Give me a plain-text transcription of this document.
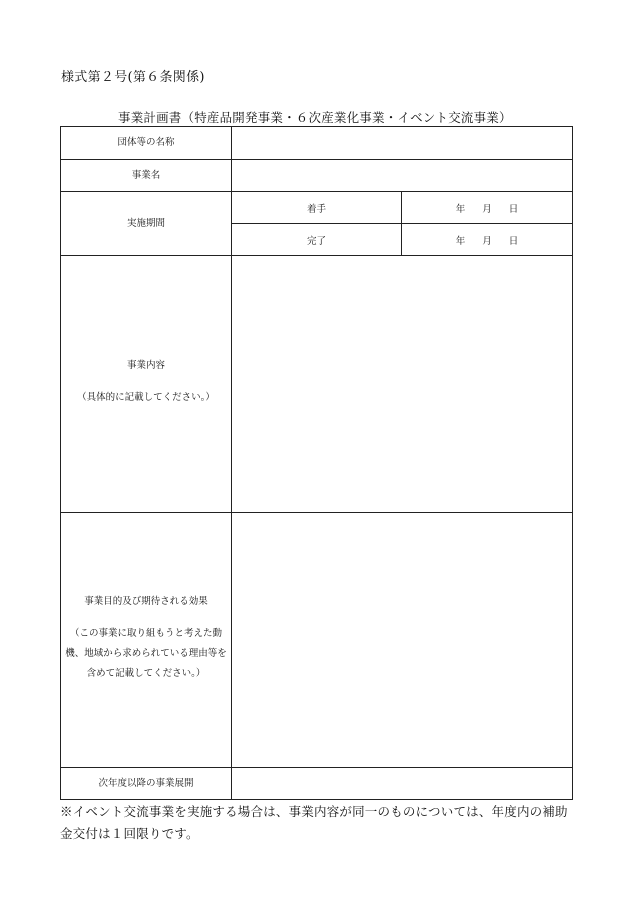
様式第２号(第６条関係)
事業計画書（特産品開発事業・６次産業化事業・イベント交流事業）
団体等の名称		
事業名		
実施期間	着手	年 月 日
	完了	年 月 日
事業内容
（具体的に記載してください。）		

事業目的及び期待される効果
（この事業に取り組もうと考えた動機、地域から求められている理由等を含めて記載してください。）		

次年度以降の事業展開		
※イベント交流事業を実施する場合は、事業内容が同一のものについては、年度内の補助金交付は１回限りです。
